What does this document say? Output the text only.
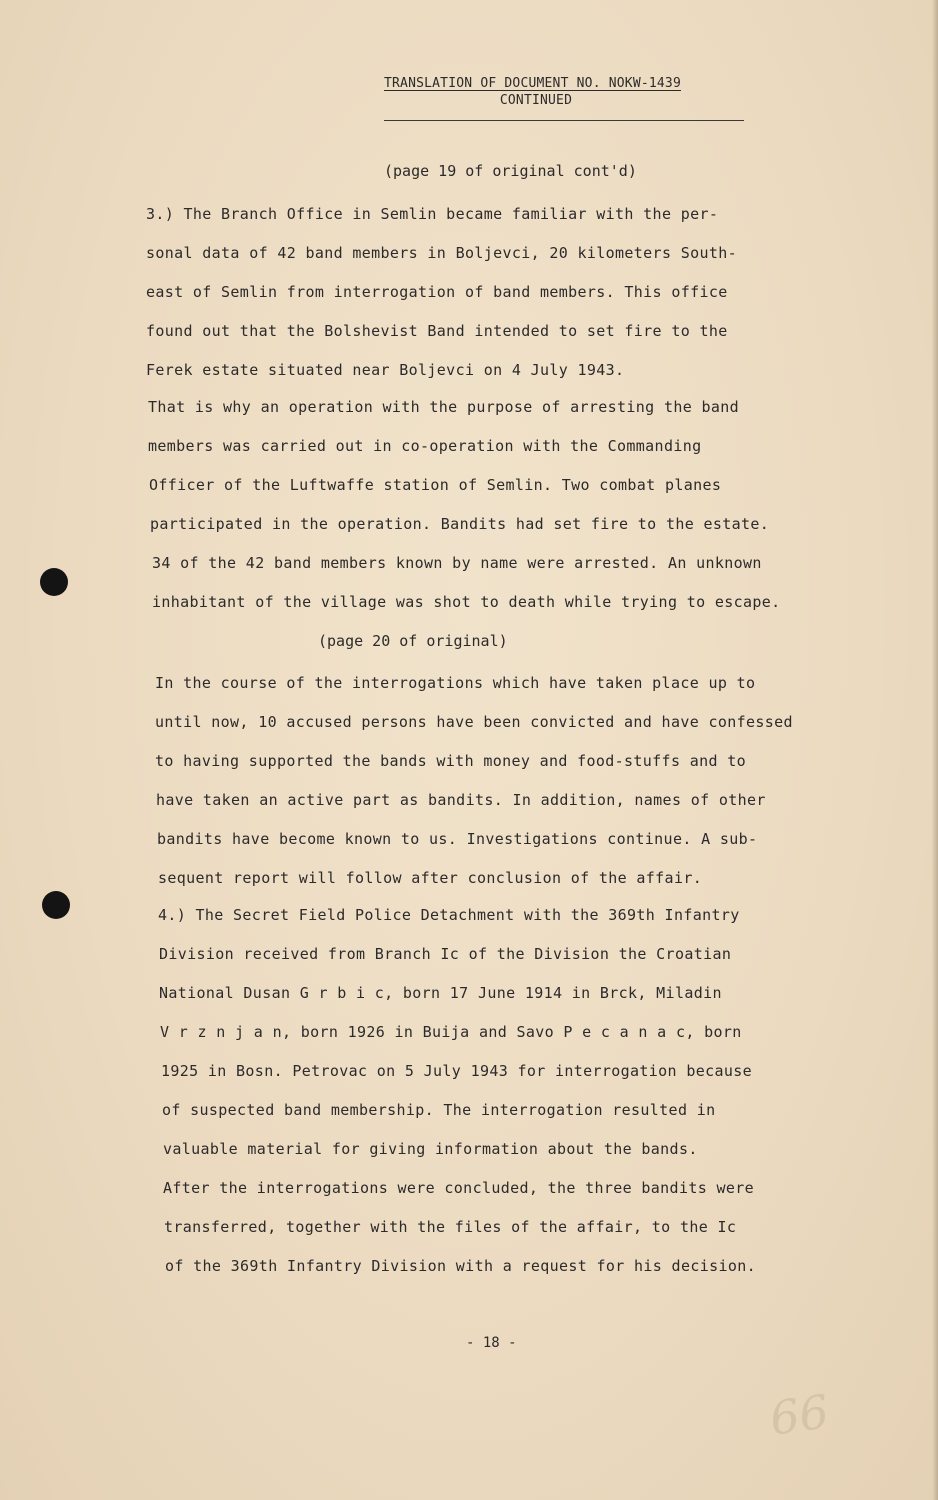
TRANSLATION OF DOCUMENT NO. NOKW-1439
CONTINUED
(page 19 of original cont'd)
3.) The Branch Office in Semlin became familiar with the per-
sonal data of 42 band members in Boljevci, 20 kilometers South-
east of Semlin from interrogation of band members. This office
found out that the Bolshevist Band intended to set fire to the
Ferek estate situated near Boljevci on 4 July 1943.
That is why an operation with the purpose of arresting the band
members was carried out in co-operation with the Commanding
Officer of the Luftwaffe station of Semlin. Two combat planes
participated in the operation. Bandits had set fire to the estate.
34 of the 42 band members known by name were arrested. An unknown
inhabitant of the village was shot to death while trying to escape.
(page 20 of original)
In the course of the interrogations which have taken place up to
until now, 10 accused persons have been convicted and have confessed
to having supported the bands with money and food-stuffs and to
have taken an active part as bandits. In addition, names of other
bandits have become known to us. Investigations continue. A sub-
sequent report will follow after conclusion of the affair.
4.) The Secret Field Police Detachment with the 369th Infantry
Division received from Branch Ic of the Division the Croatian
National Dusan G r b i c, born 17 June 1914 in Brck, Miladin
V r z n j a n, born 1926 in Buija and Savo P e c a n a c, born
1925 in Bosn. Petrovac on 5 July 1943 for interrogation because
of suspected band membership. The interrogation resulted in
valuable material for giving information about the bands.
After the interrogations were concluded, the three bandits were
transferred, together with the files of the affair, to the Ic
of the 369th Infantry Division with a request for his decision.
- 18 -
66
